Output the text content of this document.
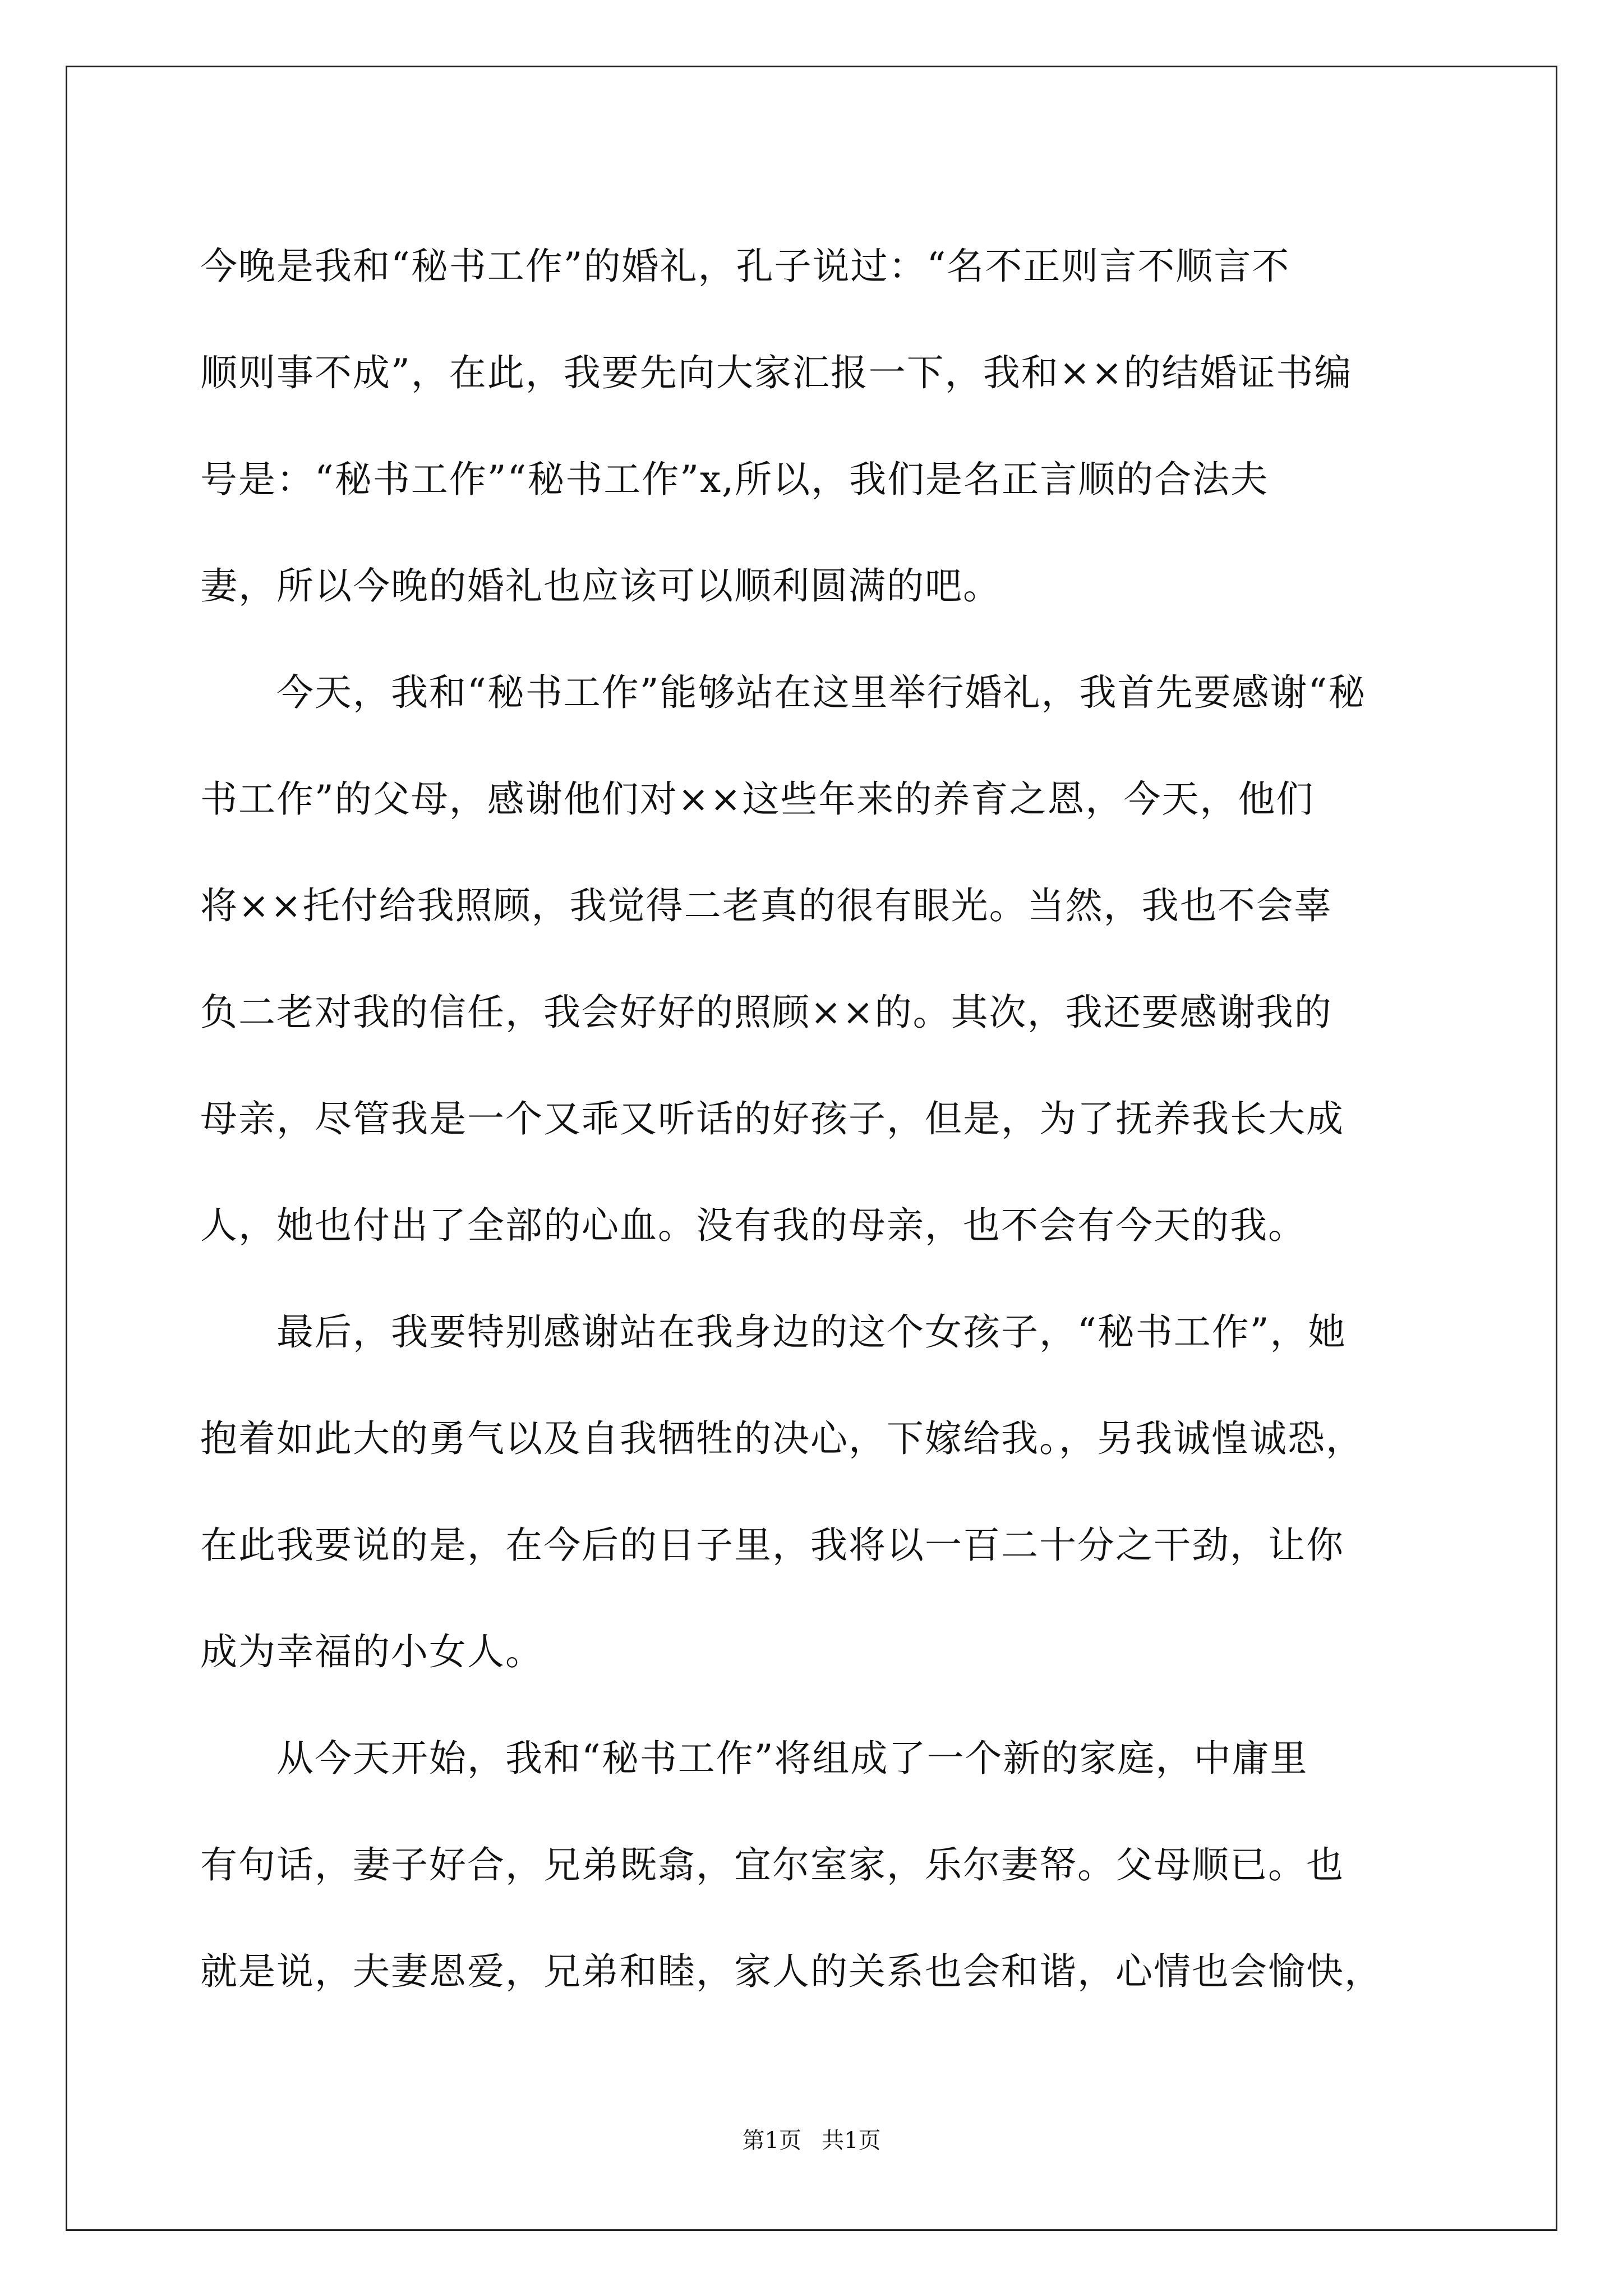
今晚是我和“秘书工作”的婚礼，孔子说过：“名不正则言不顺言不
顺则事不成”，在此，我要先向大家汇报一下，我和××的结婚证书编
号是：“秘书工作”“秘书工作”x,所以，我们是名正言顺的合法夫
妻，所以今晚的婚礼也应该可以顺利圆满的吧。

今天，我和“秘书工作”能够站在这里举行婚礼，我首先要感谢“秘
书工作”的父母，感谢他们对××这些年来的养育之恩，今天，他们
将××托付给我照顾，我觉得二老真的很有眼光。当然，我也不会辜
负二老对我的信任，我会好好的照顾××的。其次，我还要感谢我的
母亲，尽管我是一个又乖又听话的好孩子，但是，为了抚养我长大成
人，她也付出了全部的心血。没有我的母亲，也不会有今天的我。

最后，我要特别感谢站在我身边的这个女孩子，“秘书工作”，她
抱着如此大的勇气以及自我牺牲的决心，下嫁给我。，另我诚惶诚恐，
在此我要说的是，在今后的日子里，我将以一百二十分之干劲，让你
成为幸福的小女人。

从今天开始，我和“秘书工作”将组成了一个新的家庭，中庸里
有句话，妻子好合，兄弟既翕，宜尔室家，乐尔妻帑。父母顺已。也
就是说，夫妻恩爱，兄弟和睦，家人的关系也会和谐，心情也会愉快，

第1页 共1页
